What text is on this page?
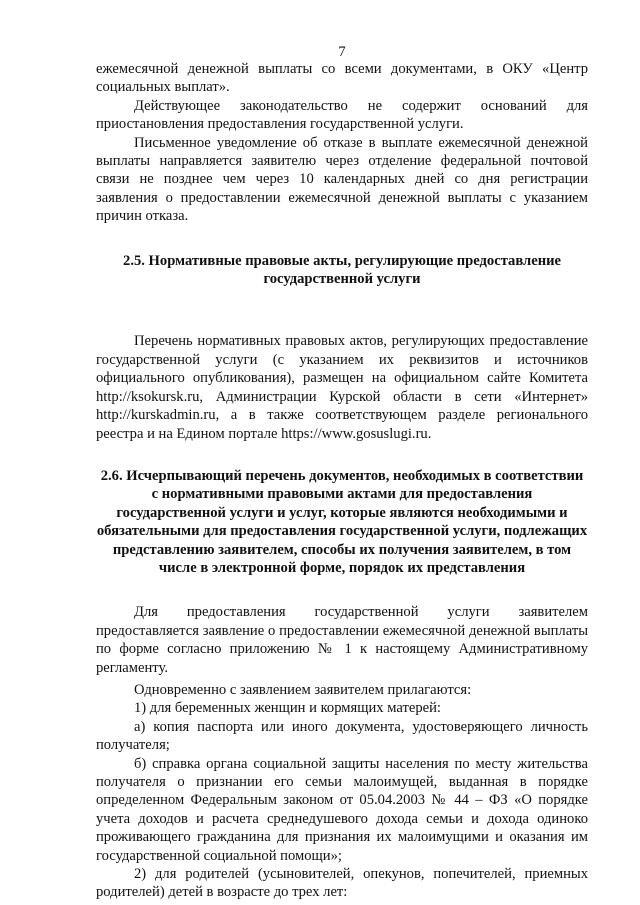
7

ежемесячной денежной выплаты со всеми документами, в ОКУ «Центр социальных выплат».

Действующее законодательство не содержит оснований для приостановления предоставления государственной услуги.

Письменное уведомление об отказе в выплате ежемесячной денежной выплаты направляется заявителю через отделение федеральной почтовой связи не позднее чем через 10 календарных дней со дня регистрации заявления о предоставлении ежемесячной денежной выплаты с указанием причин отказа.

2.5. Нормативные правовые акты, регулирующие предоставление государственной услуги

Перечень нормативных правовых актов, регулирующих предоставление государственной услуги (с указанием их реквизитов и источников официального опубликования), размещен на официальном сайте Комитета http://ksokursk.ru, Администрации Курской области в сети «Интернет» http://kurskadmin.ru, а в также соответствующем разделе регионального реестра и на Едином портале https://www.gosuslugi.ru.

2.6. Исчерпывающий перечень документов, необходимых в соответствии с нормативными правовыми актами для предоставления государственной услуги и услуг, которые являются необходимыми и обязательными для предоставления государственной услуги, подлежащих представлению заявителем, способы их получения заявителем, в том числе в электронной форме, порядок их представления

Для предоставления государственной услуги заявителем предоставляется заявление о предоставлении ежемесячной денежной выплаты по форме согласно приложению № 1 к настоящему Административному регламенту.

Одновременно с заявлением заявителем прилагаются:

1) для беременных женщин и кормящих матерей:

а) копия паспорта или иного документа, удостоверяющего личность получателя;

б) справка органа социальной защиты населения по месту жительства получателя о признании его семьи малоимущей, выданная в порядке определенном Федеральным законом от 05.04.2003 № 44 – ФЗ «О порядке учета доходов и расчета среднедушевого дохода семьи и дохода одиноко проживающего гражданина для признания их малоимущими и оказания им государственной социальной помощи»;

2) для родителей (усыновителей, опекунов, попечителей, приемных родителей) детей в возрасте до трех лет:
